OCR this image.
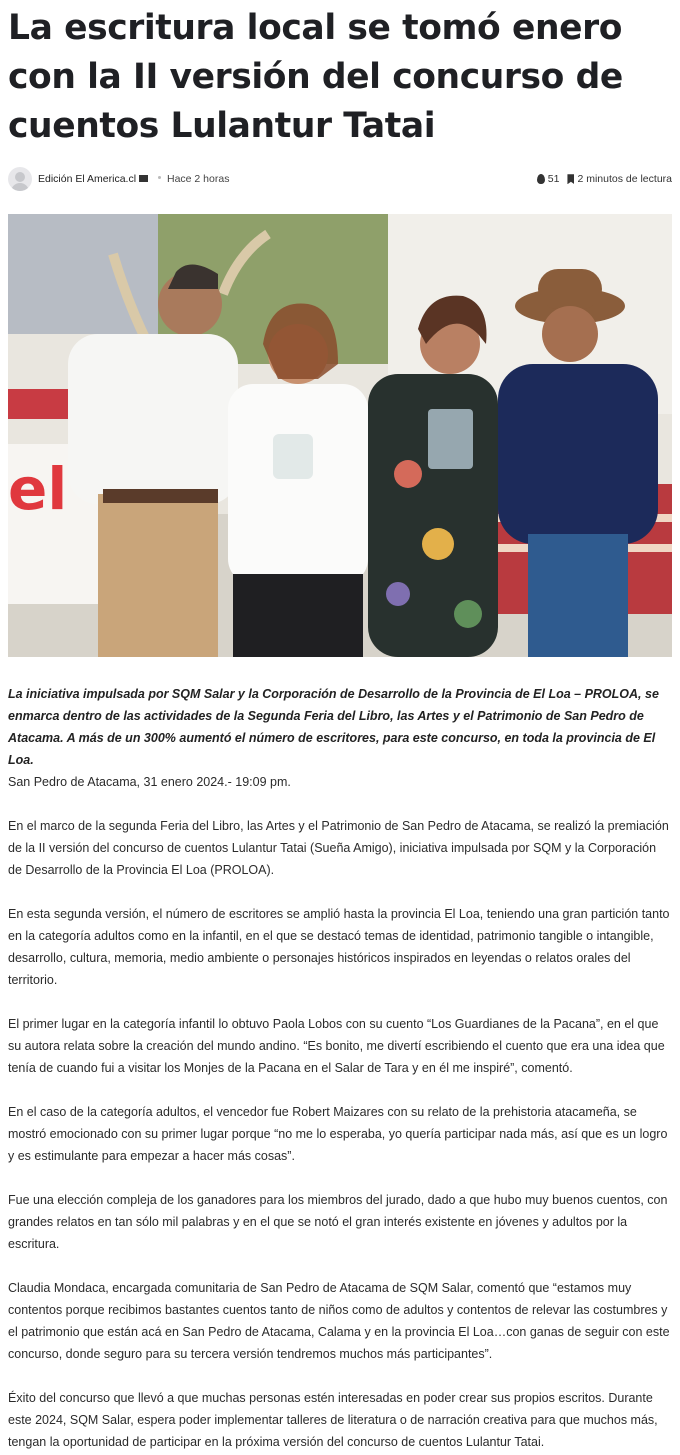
La escritura local se tomó enero con la II versión del concurso de cuentos Lulantur Tatai
Edición El America.cl	Hace 2 horas	51 2 minutos de lectura
el

La iniciativa impulsada por SQM Salar y la Corporación de Desarrollo de la Provincia de El Loa – PROLOA, se enmarca dentro de las actividades de la Segunda Feria del Libro, las Artes y el Patrimonio de San Pedro de Atacama. A más de un 300% aumentó el número de escritores, para este concurso, en toda la provincia de El Loa.

San Pedro de Atacama, 31 enero 2024.- 19:09 pm.

En el marco de la segunda Feria del Libro, las Artes y el Patrimonio de San Pedro de Atacama, se realizó la premiación de la II versión del concurso de cuentos Lulantur Tatai (Sueña Amigo), iniciativa impulsada por SQM y la Corporación de Desarrollo de la Provincia El Loa (PROLOA).

En esta segunda versión, el número de escritores se amplió hasta la provincia El Loa, teniendo una gran partición tanto en la categoría adultos como en la infantil, en el que se destacó temas de identidad, patrimonio tangible o intangible, desarrollo, cultura, memoria, medio ambiente o personajes históricos inspirados en leyendas o relatos orales del territorio.

El primer lugar en la categoría infantil lo obtuvo Paola Lobos con su cuento “Los Guardianes de la Pacana”, en el que su autora relata sobre la creación del mundo andino. “Es bonito, me divertí escribiendo el cuento que era una idea que tenía de cuando fui a visitar los Monjes de la Pacana en el Salar de Tara y en él me inspiré”, comentó.

En el caso de la categoría adultos, el vencedor fue Robert Maizares con su relato de la prehistoria atacameña, se mostró emocionado con su primer lugar porque “no me lo esperaba, yo quería participar nada más, así que es un logro y es estimulante para empezar a hacer más cosas”.

Fue una elección compleja de los ganadores para los miembros del jurado, dado a que hubo muy buenos cuentos, con grandes relatos en tan sólo mil palabras y en el que se notó el gran interés existente en jóvenes y adultos por la escritura.

Claudia Mondaca, encargada comunitaria de San Pedro de Atacama de SQM Salar, comentó que “estamos muy contentos porque recibimos bastantes cuentos tanto de niños como de adultos y contentos de relevar las costumbres y el patrimonio que están acá en San Pedro de Atacama, Calama y en la provincia El Loa…con ganas de seguir con este concurso, donde seguro para su tercera versión tendremos muchos más participantes”.

Éxito del concurso que llevó a que muchas personas estén interesadas en poder crear sus propios escritos. Durante este 2024, SQM Salar, espera poder implementar talleres de literatura o de narración creativa para que muchos más, tengan la oportunidad de participar en la próxima versión del concurso de cuentos Lulantur Tatai.
